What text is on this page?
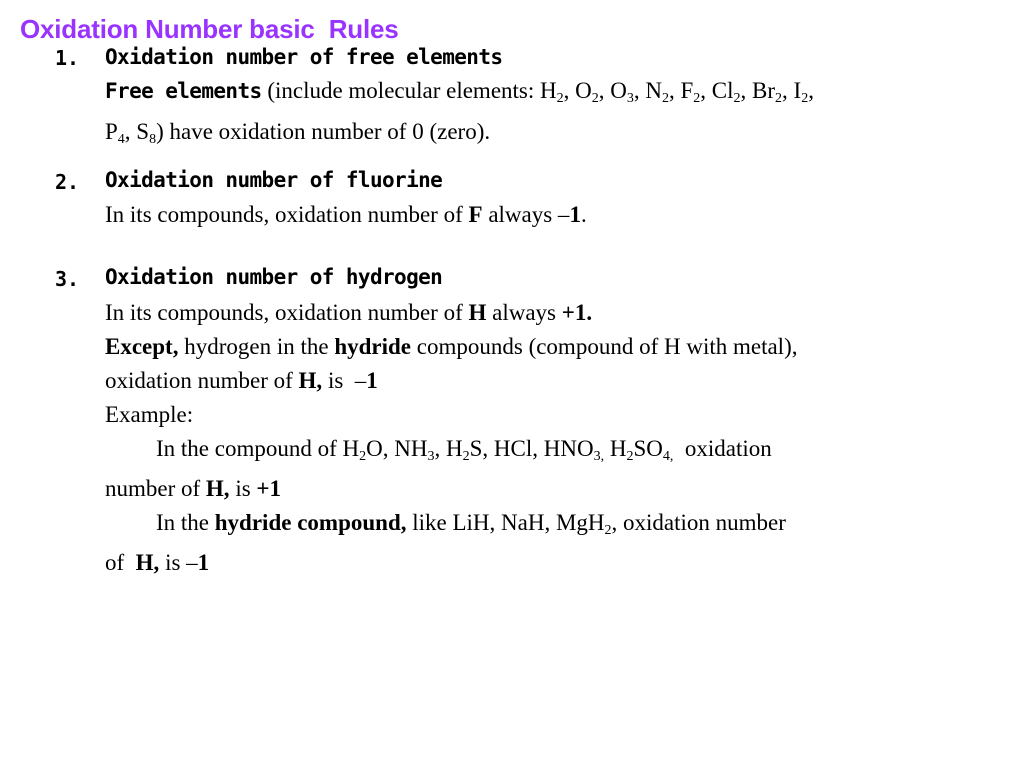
Oxidation Number basic  Rules
1. Oxidation number of free elements
Free elements (include molecular elements: $H_2$, $O_2$, $O_3$, $N_2$, $F_2$, $Cl_2$, $Br_2$, $I_2$,
$P_4$, $S_8$) have oxidation number of 0 (zero).
2. Oxidation number of fluorine
In its compounds, oxidation number of F always –1.
3. Oxidation number of hydrogen
In its compounds, oxidation number of H always +1.
Except, hydrogen in the hydride compounds (compound of H with metal),
oxidation number of H, is  –1
Example:
In the compound of $H_2O$, $NH_3$, $H_2S$, HCl, $HNO_{3,}$ $H_2SO_{4,}$  oxidation
number of H, is +1
In the hydride compound, like LiH, NaH, MgH$_2$, oxidation number
of  H, is –1
